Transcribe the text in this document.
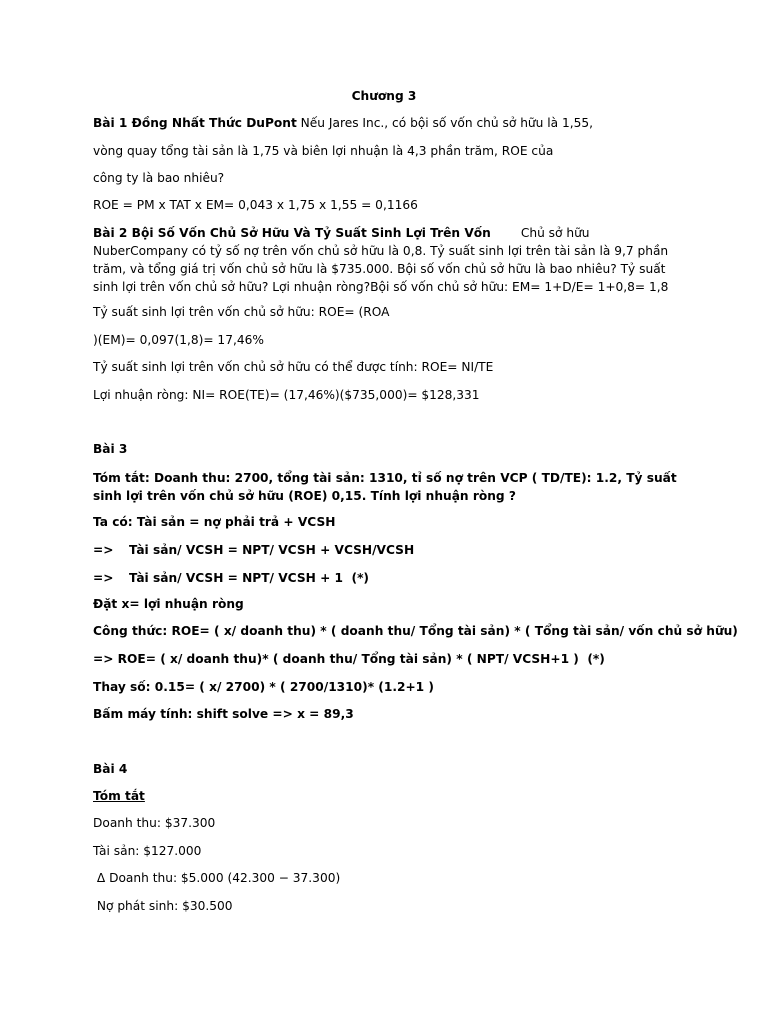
Chương 3
Bài 1 Đồng Nhất Thức DuPont Nếu Jares Inc., có bội số vốn chủ sở hữu là 1,55,
vòng quay tổng tài sản là 1,75 và biên lợi nhuận là 4,3 phần trăm, ROE của
công ty là bao nhiêu?
ROE = PM x TAT x EM= 0,043 x 1,75 x 1,55 = 0,1166
Bài 2 Bội Số Vốn Chủ Sở Hữu Và Tỷ Suất Sinh Lợi Trên Vốn Chủ sở hữu NuberCompany có tỷ số nợ trên vốn chủ sở hữu là 0,8. Tỷ suất sinh lợi trên tài sản là 9,7 phần trăm, và tổng giá trị vốn chủ sở hữu là $735.000. Bội số vốn chủ sở hữu là bao nhiêu? Tỷ suất sinh lợi trên vốn chủ sở hữu? Lợi nhuận ròng?Bội số vốn chủ sở hữu: EM= 1+D/E= 1+0,8= 1,8
Tỷ suất sinh lợi trên vốn chủ sở hữu: ROE= (ROA
)(EM)= 0,097(1,8)= 17,46%
Tỷ suất sinh lợi trên vốn chủ sở hữu có thể được tính: ROE= NI/TE
Lợi nhuận ròng: NI= ROE(TE)= (17,46%)($735,000)= $128,331
Bài 3
Tóm tắt: Doanh thu: 2700, tổng tài sản: 1310, tỉ số nợ trên VCP ( TD/TE): 1.2, Tỷ suất sinh lợi trên vốn chủ sở hữu (ROE) 0,15. Tính lợi nhuận ròng ?
Ta có: Tài sản = nợ phải trả + VCSH
=> Tài sản/ VCSH = NPT/ VCSH + VCSH/VCSH
=> Tài sản/ VCSH = NPT/ VCSH + 1  (*)
Đặt x= lợi nhuận ròng
Công thức: ROE= ( x/ doanh thu) * ( doanh thu/ Tổng tài sản) * ( Tổng tài sản/ vốn chủ sở hữu)
=> ROE= ( x/ doanh thu)* ( doanh thu/ Tổng tài sản) * ( NPT/ VCSH+1 )  (*)
Thay số: 0.15= ( x/ 2700) * ( 2700/1310)* (1.2+1 )
Bấm máy tính: shift solve => x = 89,3
Bài 4
Tóm tắt
Doanh thu: $37.300
Tài sản: $127.000
Δ Doanh thu: $5.000 (42.300 − 37.300)
Nợ phát sinh: $30.500
